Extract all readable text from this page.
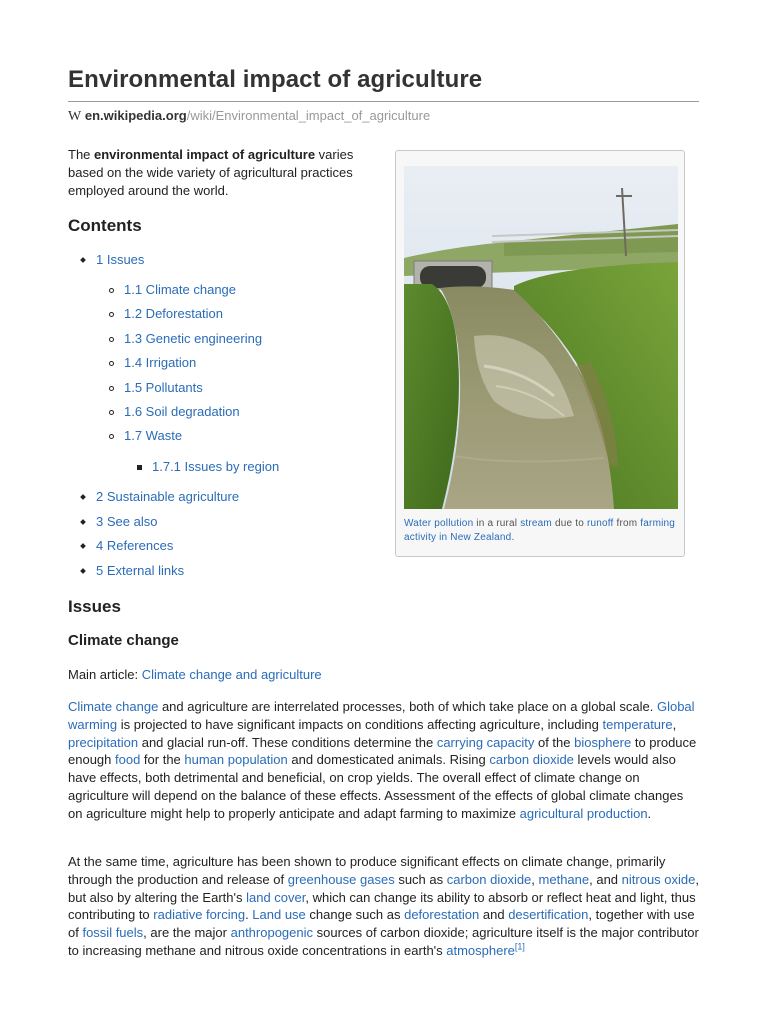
Environmental impact of agriculture
W en.wikipedia.org/wiki/Environmental_impact_of_agriculture

The environmental impact of agriculture varies based on the wide variety of agricultural practices employed around the world.

Contents
1 Issues
1.1 Climate change
1.2 Deforestation
1.3 Genetic engineering
1.4 Irrigation
1.5 Pollutants
1.6 Soil degradation
1.7 Waste
1.7.1 Issues by region
2 Sustainable agriculture
3 See also
4 References
5 External links
Water pollution in a rural stream due to runoff from farming activity in New Zealand.
Issues
Climate change
Main article: Climate change and agriculture

Climate change and agriculture are interrelated processes, both of which take place on a global scale. Global warming is projected to have significant impacts on conditions affecting agriculture, including temperature, precipitation and glacial run-off. These conditions determine the carrying capacity of the biosphere to produce enough food for the human population and domesticated animals. Rising carbon dioxide levels would also have effects, both detrimental and beneficial, on crop yields. The overall effect of climate change on agriculture will depend on the balance of these effects. Assessment of the effects of global climate changes on agriculture might help to properly anticipate and adapt farming to maximize agricultural production.

At the same time, agriculture has been shown to produce significant effects on climate change, primarily through the production and release of greenhouse gases such as carbon dioxide, methane, and nitrous oxide, but also by altering the Earth's land cover, which can change its ability to absorb or reflect heat and light, thus contributing to radiative forcing. Land use change such as deforestation and desertification, together with use of fossil fuels, are the major anthropogenic sources of carbon dioxide; agriculture itself is the major contributor to increasing methane and nitrous oxide concentrations in earth's atmosphere[1]
